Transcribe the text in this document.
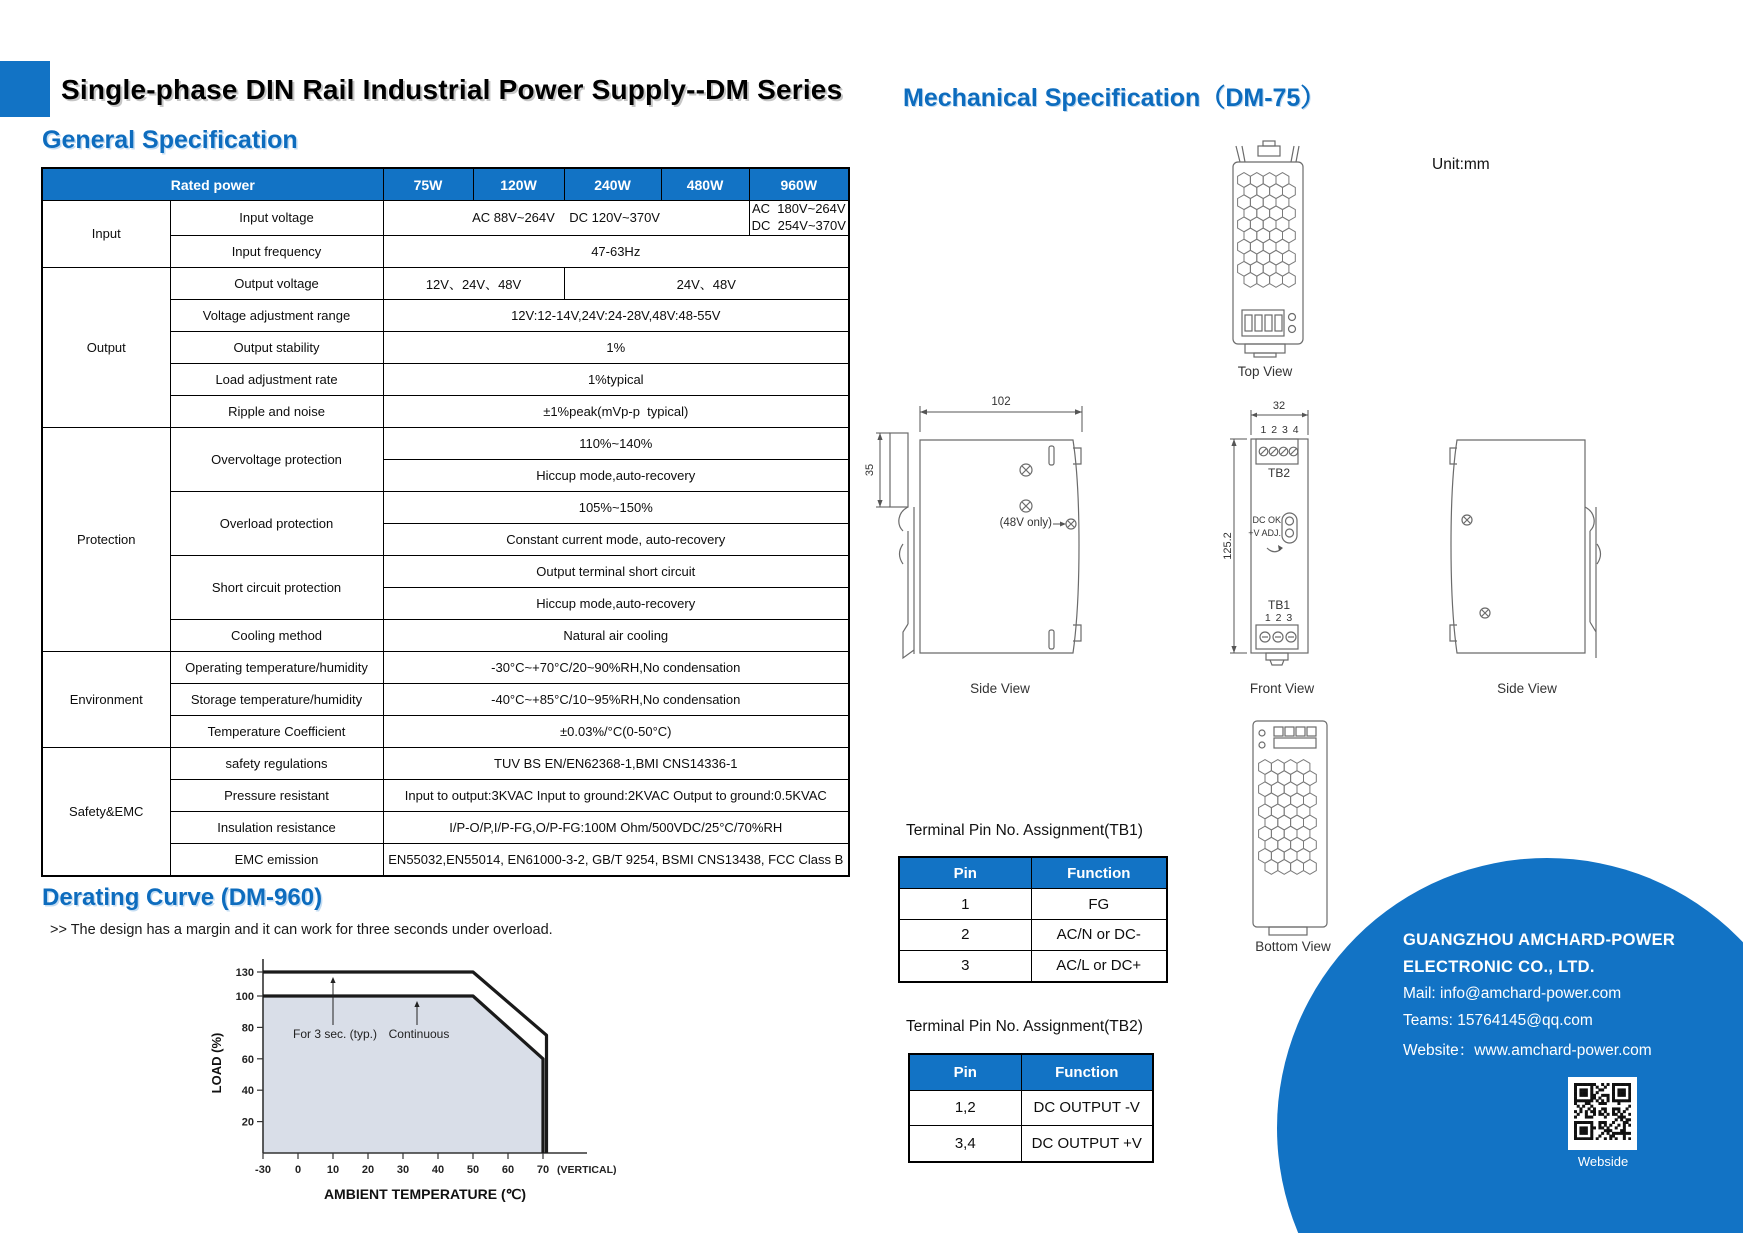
Single-phase DIN Rail Industrial Power Supply--DM Series Mechanical Specification（DM-75）
General Specification
Rated power		75W	120W	240W	480W	960W
Input	Input voltage	AC 88V~264V    DC 120V~370V				AC  180V~264V
DC  254V~370V

	Input frequency	47-63Hz				
Output	Output voltage	12V、24V、48V		24V、48V		
	Voltage adjustment range	12V:12-14V,24V:24-28V,48V:48-55V				
	Output stability	1%				
	Load adjustment rate	1%typical				
	Ripple and noise	±1%peak(mVp-p  typical)				
Protection	Overvoltage protection	110%~140%				
		Hiccup mode,auto-recovery				
	Overload protection	105%~150%				
		Constant current mode, auto-recovery				
	Short circuit protection	Output terminal short circuit				
		Hiccup mode,auto-recovery				
	Cooling method	Natural air cooling				
Environment	Operating temperature/humidity	-30°C~+70°C/20~90%RH,No condensation				
	Storage temperature/humidity	-40°C~+85°C/10~95%RH,No condensation				
	Temperature Coefficient	±0.03%/°C(0-50°C)				
Safety&EMC	safety regulations	TUV BS EN/EN62368-1,BMI CNS14336-1				
	Pressure resistant	Input to output:3KVAC Input to ground:2KVAC Output to ground:0.5KVAC				
	Insulation resistance	I/P-O/P,I/P-FG,O/P-FG:100M Ohm/500VDC/25°C/70%RH				
	EMC emission	EN55032,EN55014, EN61000-3-2, GB/T 9254, BSMI CNS13438, FCC Class B				
Derating Curve (DM-960)
>> The design has a margin and it can work for three seconds under overload.
20
40
60
80
100
130
-30 0 10 20 30 40 50 60 70 (VERTICAL)
For 3 sec. (typ.) Continuous
LOAD (%)
AMBIENT TEMPERATURE (℃)
Unit:mm
Top View
102
35
(48V only)
Side View
32
125.2
1 2 3 4
TB2
DC OK
+V ADJ.
TB1
1 2 3
Front View	Side View
Bottom View
Terminal Pin No. Assignment(TB1)
Pin	Function
1	FG
2	AC/N or DC-
3	AC/L or DC+
Terminal Pin No. Assignment(TB2)
Pin	Function
1,2	DC OUTPUT -V
3,4	DC OUTPUT +V
GUANGZHOU AMCHARD-POWER
ELECTRONIC CO., LTD.
Mail: info@amchard-power.com
Teams: 15764145@qq.com
Website：www.amchard-power.com
Webside
